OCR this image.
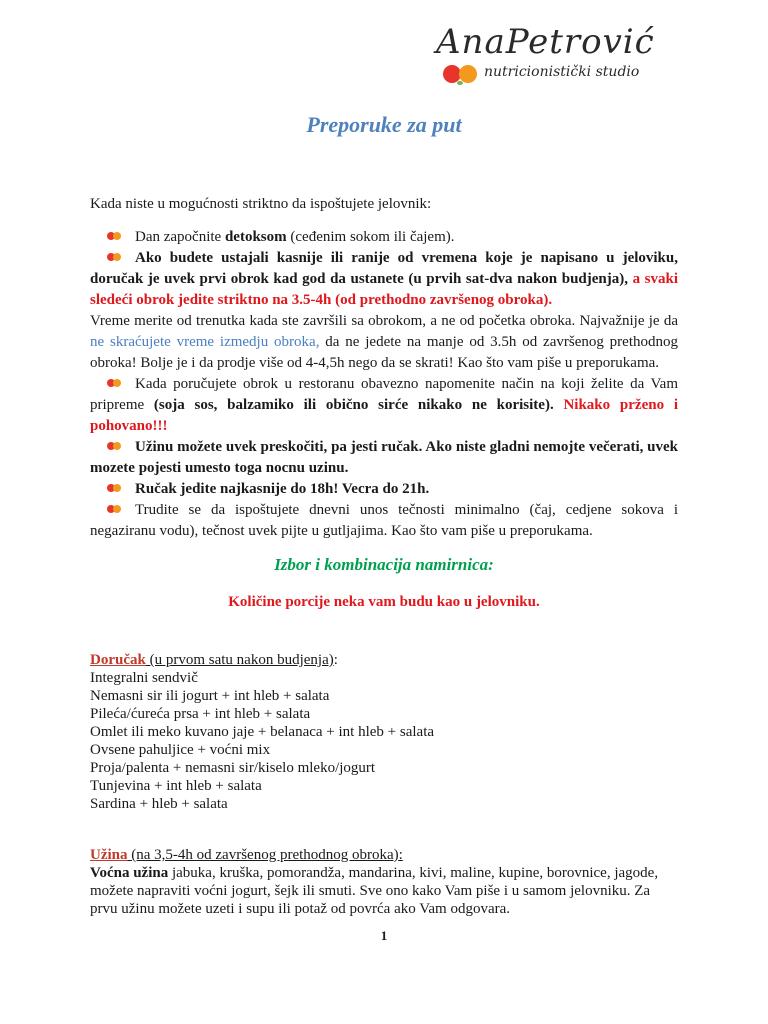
AnaPetrović
nutricionistički studio
Preporuke za put
Kada niste u mogućnosti striktno da ispoštujete jelovnik:

Dan započnite detoksom (ceđenim sokom ili čajem).

Ako budete ustajali kasnije ili ranije od vremena koje je napisano u jeloviku, doručak je uvek prvi obrok kad god da ustanete (u prvih sat-dva nakon budjenja), a svaki sledeći obrok jedite striktno na 3.5-4h (od prethodno završenog obroka).

Vreme merite od trenutka kada ste završili sa obrokom, a ne od početka obroka. Najvažnije je da ne skraćujete vreme izmedju obroka, da ne jedete na manje od 3.5h od završenog prethodnog obroka! Bolje je i da prodje više od 4-4,5h nego da se skrati! Kao što vam piše u preporukama.

Kada poručujete obrok u restoranu obavezno napomenite način na koji želite da Vam pripreme (soja sos, balzamiko ili obično sirće nikako ne korisite). Nikako prženo i pohovano!!!

Užinu možete uvek preskočiti, pa jesti ručak. Ako niste gladni nemojte večerati, uvek mozete pojesti umesto toga nocnu uzinu.

Ručak jedite najkasnije do 18h! Vecra do 21h.

Trudite se da ispoštujete dnevni unos tečnosti minimalno (čaj, cedjene sokova i negaziranu vodu), tečnost uvek pijte u gutljajima. Kao što vam piše u preporukama.

Izbor i kombinacija namirnica:
Količine porcije neka vam budu kao u jelovniku.
Doručak (u prvom satu nakon budjenja):
Integralni sendvič
Nemasni sir ili jogurt + int hleb + salata
Pileća/ćureća prsa + int hleb + salata
Omlet ili meko kuvano jaje + belanaca + int hleb + salata
Ovsene pahuljice + voćni mix
Proja/palenta + nemasni sir/kiselo mleko/jogurt
Tunjevina + int hleb + salata
Sardina + hleb + salata
Užina (na 3,5-4h od završenog prethodnog obroka):
Voćna užina jabuka, kruška, pomorandža, mandarina, kivi, maline, kupine, borovnice, jagode, možete napraviti voćni jogurt, šejk ili smuti. Sve ono kako Vam piše i u samom jelovniku. Za prvu užinu možete uzeti i supu ili potaž od povrća ako Vam odgovara.
1
